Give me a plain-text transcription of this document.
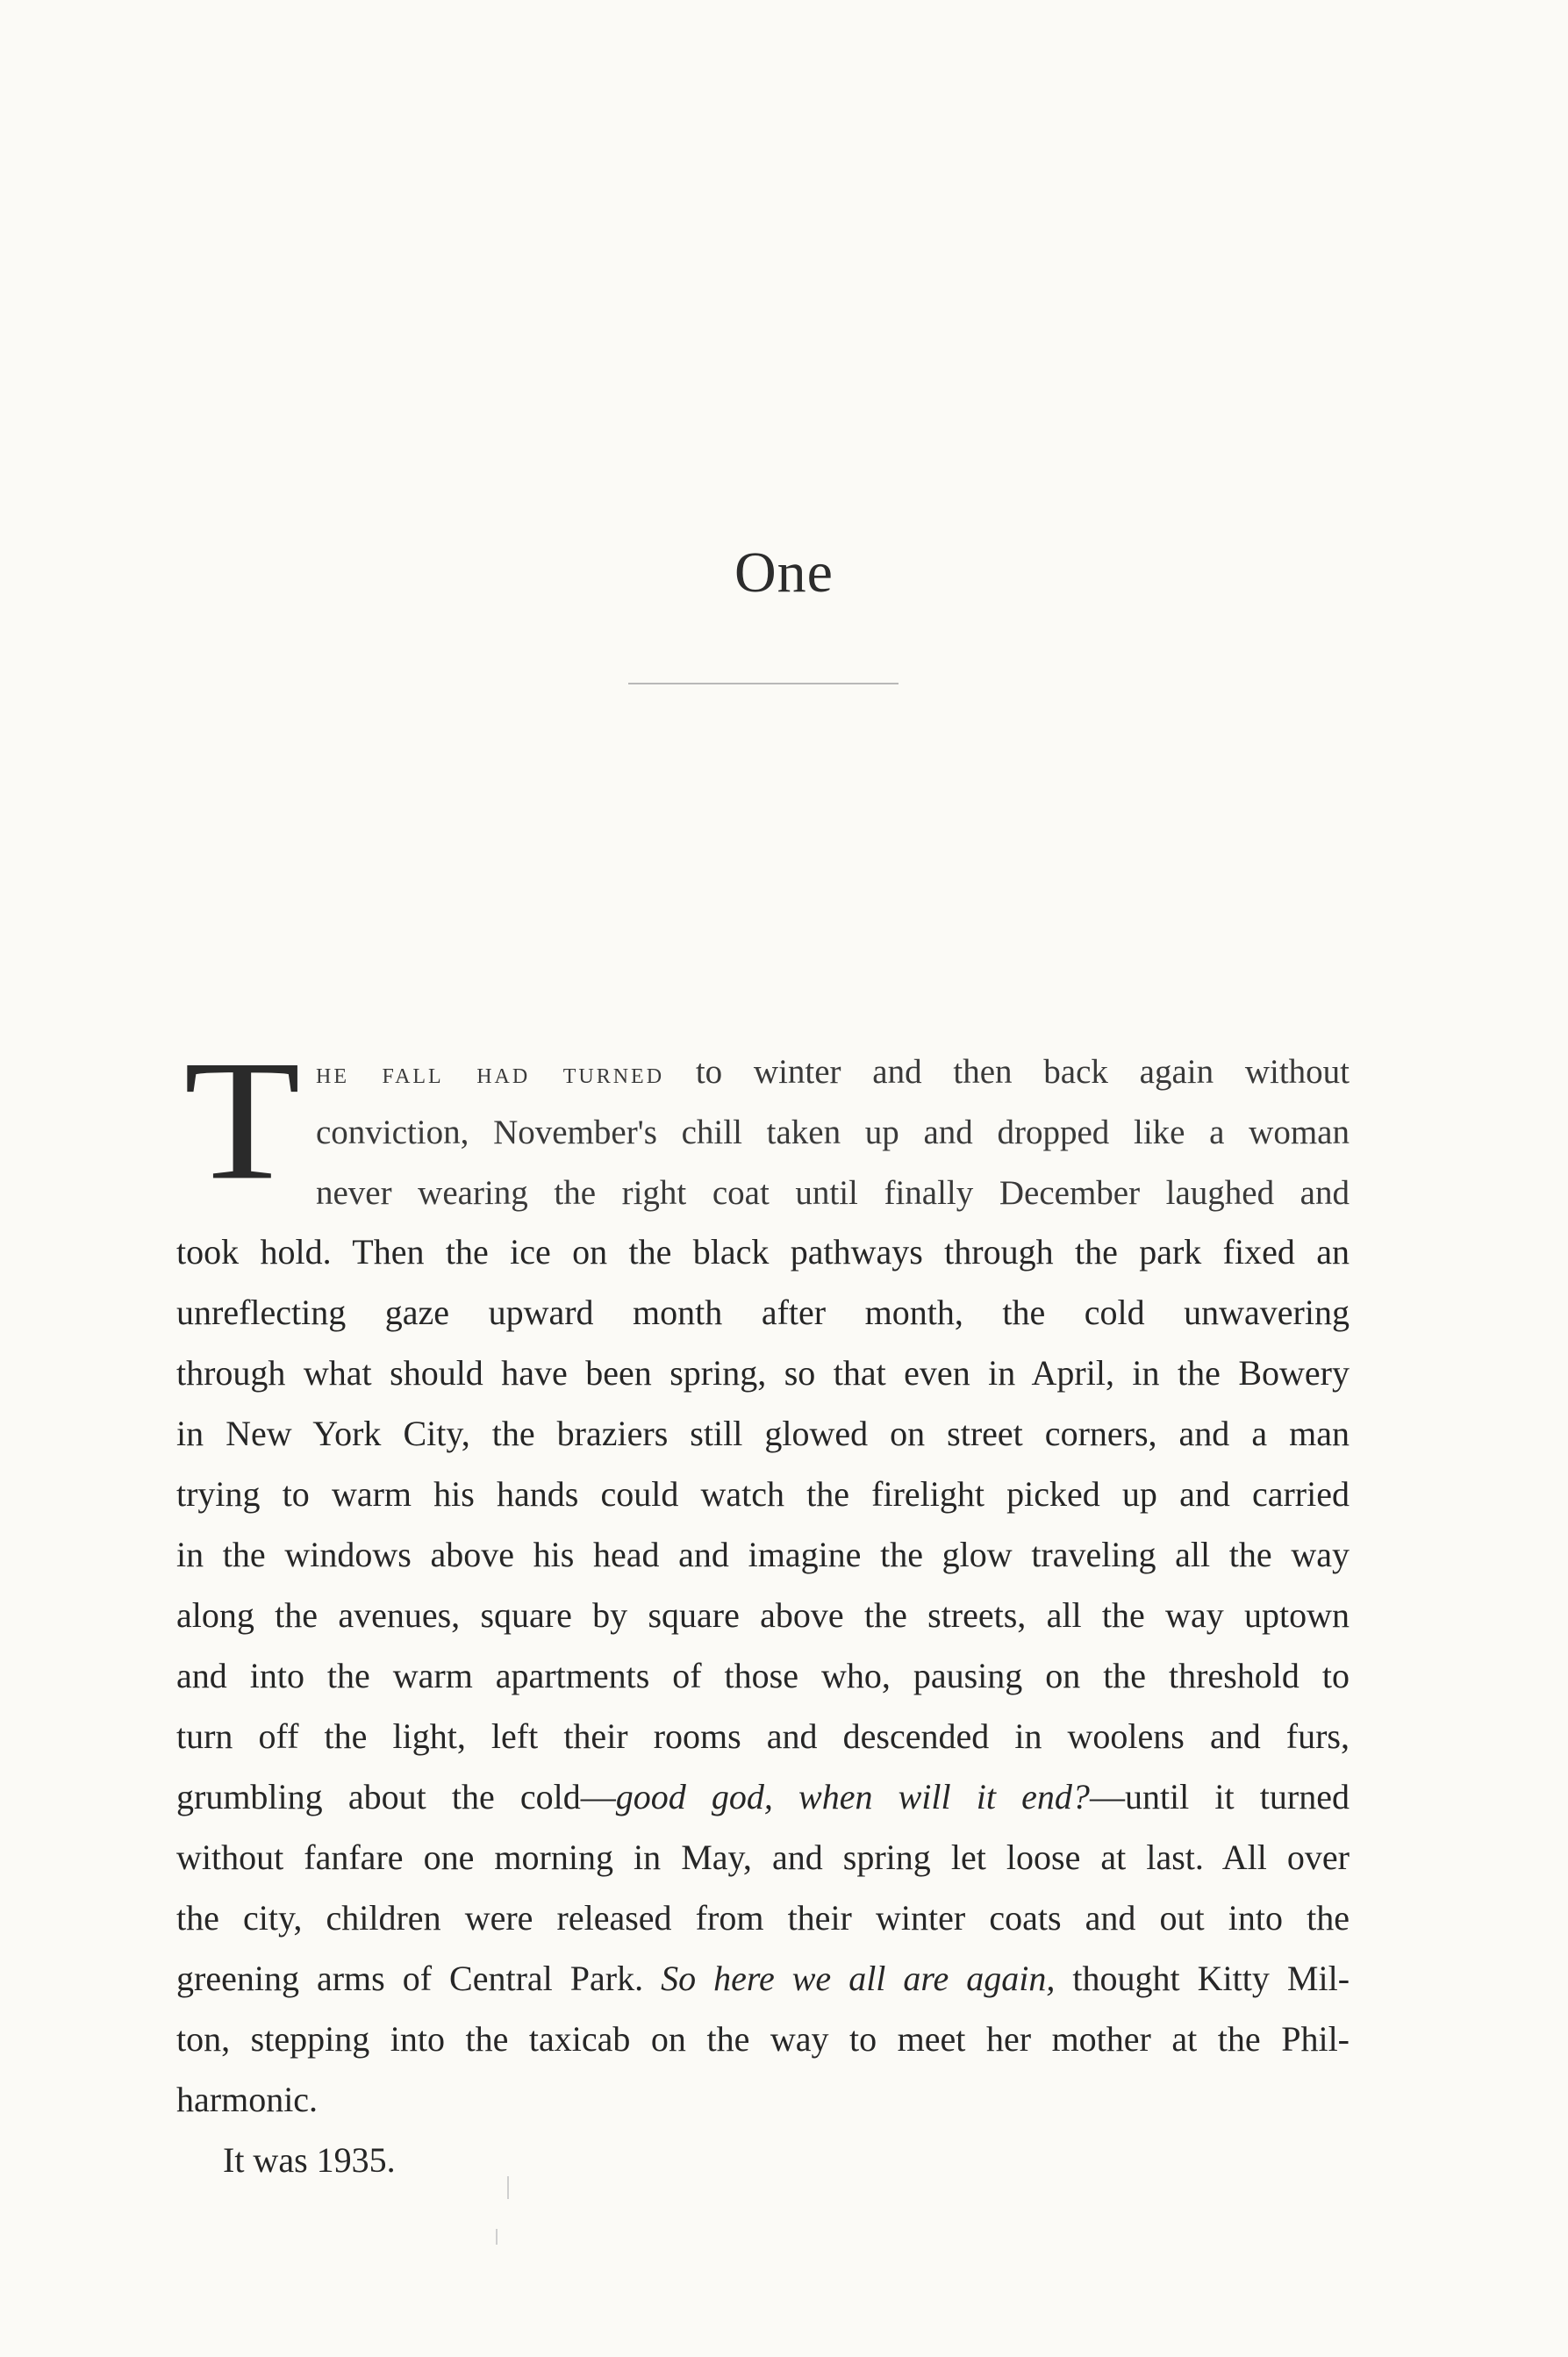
One
T he fall had turned to winter and then back again without
conviction, November's chill taken up and dropped like a woman
never wearing the right coat until finally December laughed and
took hold. Then the ice on the black pathways through the park fixed an
unreflecting gaze upward month after month, the cold unwavering
through what should have been spring, so that even in April, in the Bowery
in New York City, the braziers still glowed on street corners, and a man
trying to warm his hands could watch the firelight picked up and carried
in the windows above his head and imagine the glow traveling all the way
along the avenues, square by square above the streets, all the way uptown
and into the warm apartments of those who, pausing on the threshold to
turn off the light, left their rooms and descended in woolens and furs,
grumbling about the cold—good god, when will it end?—until it turned
without fanfare one morning in May, and spring let loose at last. All over
the city, children were released from their winter coats and out into the
greening arms of Central Park. So here we all are again, thought Kitty Mil-
ton, stepping into the taxicab on the way to meet her mother at the Phil-
harmonic.
It was 1935.
